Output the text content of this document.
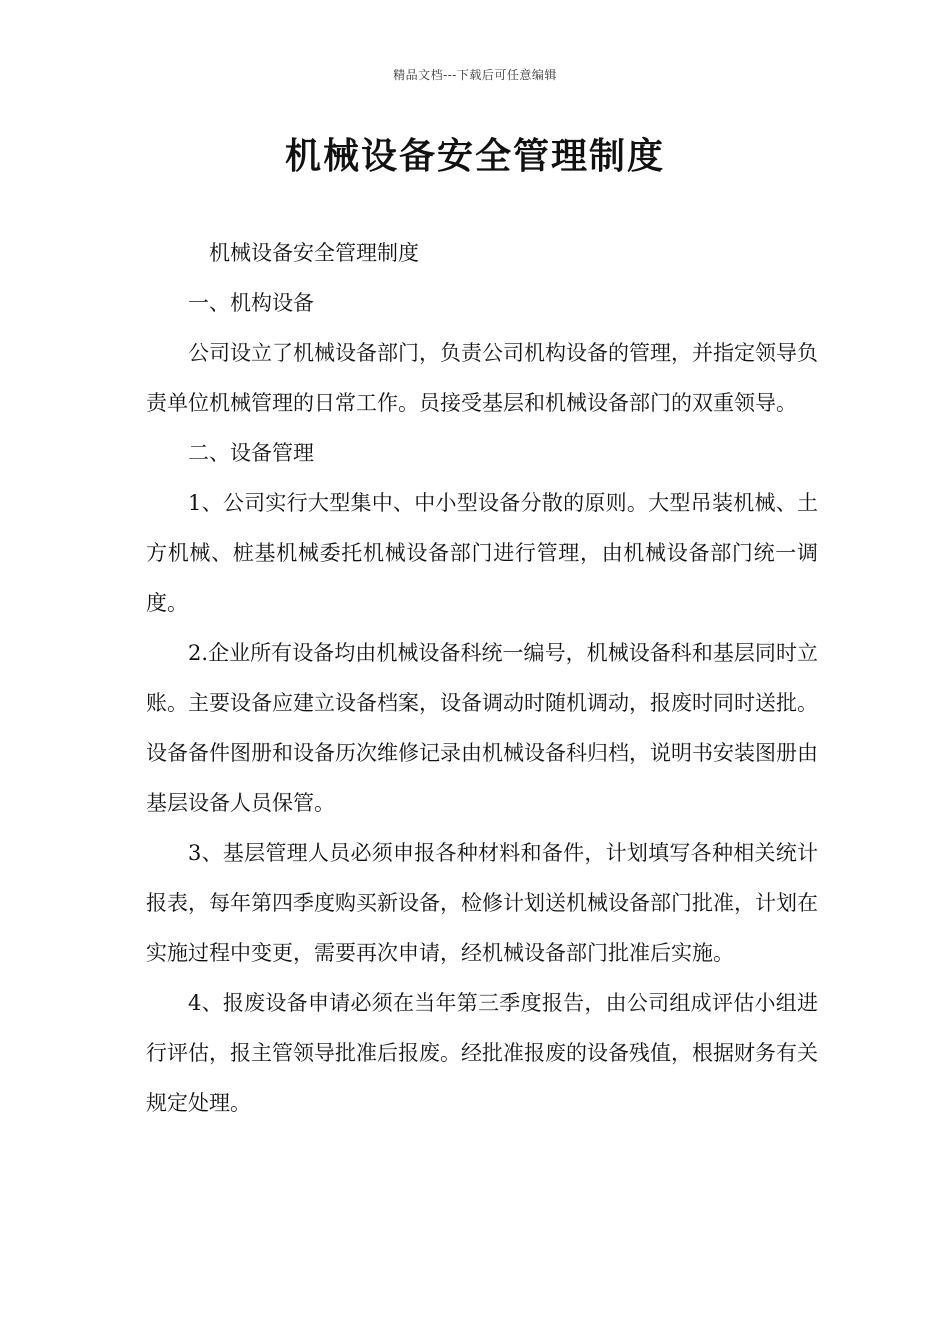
精品文档---下载后可任意编辑
机械设备安全管理制度

机械设备安全管理制度

一、机构设备

公司设立了机械设备部门，负责公司机构设备的管理，并指定领导负责单位机械管理的日常工作。员接受基层和机械设备部门的双重领导。

二、设备管理

1、公司实行大型集中、中小型设备分散的原则。大型吊装机械、土方机械、桩基机械委托机械设备部门进行管理，由机械设备部门统一调度。

2.企业所有设备均由机械设备科统一编号，机械设备科和基层同时立账。主要设备应建立设备档案，设备调动时随机调动，报废时同时送批。设备备件图册和设备历次维修记录由机械设备科归档，说明书安装图册由基层设备人员保管。

3、基层管理人员必须申报各种材料和备件，计划填写各种相关统计报表，每年第四季度购买新设备，检修计划送机械设备部门批准，计划在实施过程中变更，需要再次申请，经机械设备部门批准后实施。

4、报废设备申请必须在当年第三季度报告，由公司组成评估小组进行评估，报主管领导批准后报废。经批准报废的设备残值，根据财务有关规定处理。
